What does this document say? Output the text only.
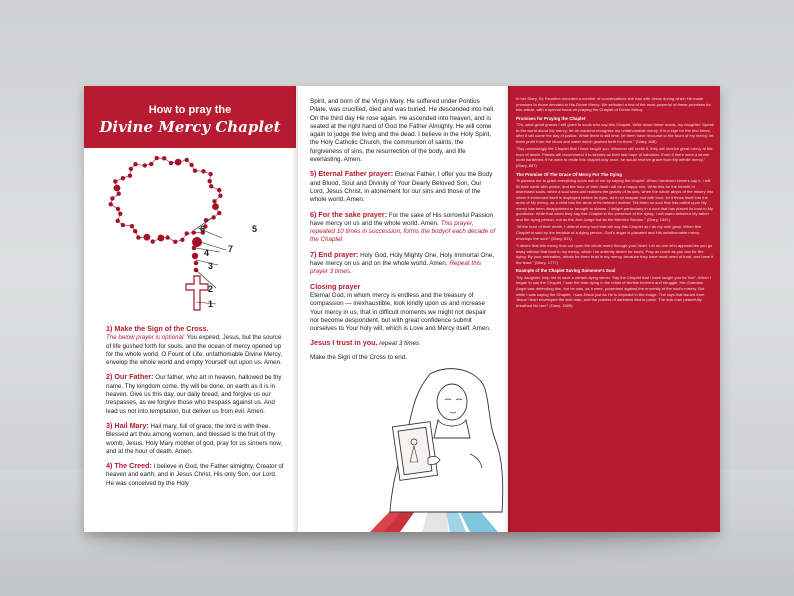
How to pray the
Divine Mercy Chaplet
1
2
3
4
5
6
7

1) Make the Sign of the Cross.
The below prayer is optional: You expired, Jesus, but the source of life gushed forth for souls, and the ocean of mercy opened up for the whole world. O Fount of Life, unfathomable Divine Mercy, envelop the whole world and empty Yourself out upon us. Amen.

2) Our Father: Our father, who art in heaven, hallowed be thy name. Thy kingdom come, thy will be done, on earth as it is in heaven. Give us this day, our daily bread, and forgive us our trespasses, as we forgive those who trespass against us. And lead us not into temptation, but deliver us from evil. Amen.

3) Hail Mary: Hail mary, full of grace, the lord is with thee. Blessed art thou among women, and blessed is the fruit of thy womb, Jesus. Holy Mary mother of god, pray for us sinners now, and at the hour of death. Amen.

4) The Creed: I believe in God, the Father almighty, Creator of heaven and earth, and in Jesus Christ, His only Son, our Lord. He was conceived by the Holy

Spirit, and born of the Virgin Mary. He suffered under Pontius Pilate, was crucified, died and was buried. He descended into hell. On the third day He rose again. He ascended into heaven, and is seated at the right hand of God the Father Almighty. He will come again to judge the living and the dead. I believe in the Holy Spirit, the Holy Catholic Church, the communion of saints, the forgiveness of sins, the resurrection of the body, and life everlasting. Amen.

5) Eternal Father prayer: Eternal Father, I offer you the Body and Blood, Soul and Divinity of Your Dearly Beloved Son, Our Lord, Jesus Christ, in atonement for our sins and those of the whole world. Amen.

6) For the sake prayer: For the sake of His sorrowful Passion have mercy on us and the whole world. Amen. This prayer, repeated 10 times in succession, forms the bodyof each decade of the Chaplet

7) End prayer: Holy God, Holy Mighty One, Holy Immortal One, have mercy on us and on the whole world. Amen. Repeat this prayer 3 times.

Closing prayer
Eternal God, in whom mercy is endless and the treasury of compassion — inexhaustible, look kindly upon us and increase Your mercy in us, that in difficult moments we might not despair nor become despondent, but with great confidence submit ourselves to Your holy will, which is Love and Mercy itself. Amen.

Jesus I trust in you. repeat 3 times

Make the Sign of the Cross to end.

In her Diary, St. Faustina recorded a number of conversations she had with Jesus during which He made promises to those devoted to His Divine Mercy. We selected a few of the most powerful of these promises for this article, with a special focus on praying the Chaplet of Divine Mercy.

Promises for Praying the Chaplet

"Oh, what great graces I will grant to souls who say this Chaplet. Write down these words, my daughter. Speak to the world about My mercy; let all mankind recognise my unfathomable mercy. It is a sign for the end times; after it will come the day of justice. While there is still time, let them have recourse to the fount of my mercy; let them profit from the blood and water which gushed forth for them." (Diary, 848)

"Say unceasingly the Chaplet that I have taught you. Whoever will recite it, they will receive great mercy at the hour of death. Priests will recommend it to sinners as their last hope of salvation. Even if there were a sinner most hardened, if he were to recite this chaplet only once, he would receive grace from My infinite mercy." (Diary, 687)

The Promise Of The Grace Of Mercy For The Dying

"It pleases me to grant everything souls ask of me by saying the chaplet. When hardened sinners say it, I will fill their souls with peace, and the hour of their death will be a happy one. Write this for the benefit of distressed souls, when a soul sees and realises the gravity of its sins, when the whole abyss of the misery into which it immersed itself is displayed before its eyes, let it not despair, but with trust, let it throw itself into the arms of My mercy, as a child into the arms of its beloved mother. Tell them no soul that has called upon My mercy has been disappointed or brought to shame. I delight particularly in a soul that has placed its trust in My goodness. Write that when they say this Chaplet in the presence of the dying, I will stand between My father and the dying person, not as the Just Judge but as the Merciful Saviour." (Diary, 1541)

"At the hour of their death, I defend every soul that will say this Chaplet as I do my own glory. When this Chaplet is said by the bedside of a dying person, God's anger is placated and His unfathomable mercy envelops the soul." (Diary, 811)

"I desire that this mercy flow out upon the whole world through your heart. Let no one who approaches you go away without that trust in my mercy, which I so ardently desire for souls. Pray as much as you can for the dying. By your entreaties, obtain for them trust in my mercy, because they have most need of trust, and have it the least." (Diary, 1777)

Example of the Chaplet Saving Someone's Soul

"My daughter, help me to save a certain dying sinner. Say the Chaplet that I have taught you for him". When I began to say the Chaplet, I saw the man dying in the midst of terrible torment and struggle. His Guardian Angel was defending him, but he was, as it were, powerless against the enormity of the soul's misery. But while I was saying the Chaplet, I saw Jesus just as He is depicted in the image. The rays that issued from Jesus' heart enveloped the sick man, and the powers of darkness fled in panic. The sick man peacefully breathed his last." (Diary, 1565)
